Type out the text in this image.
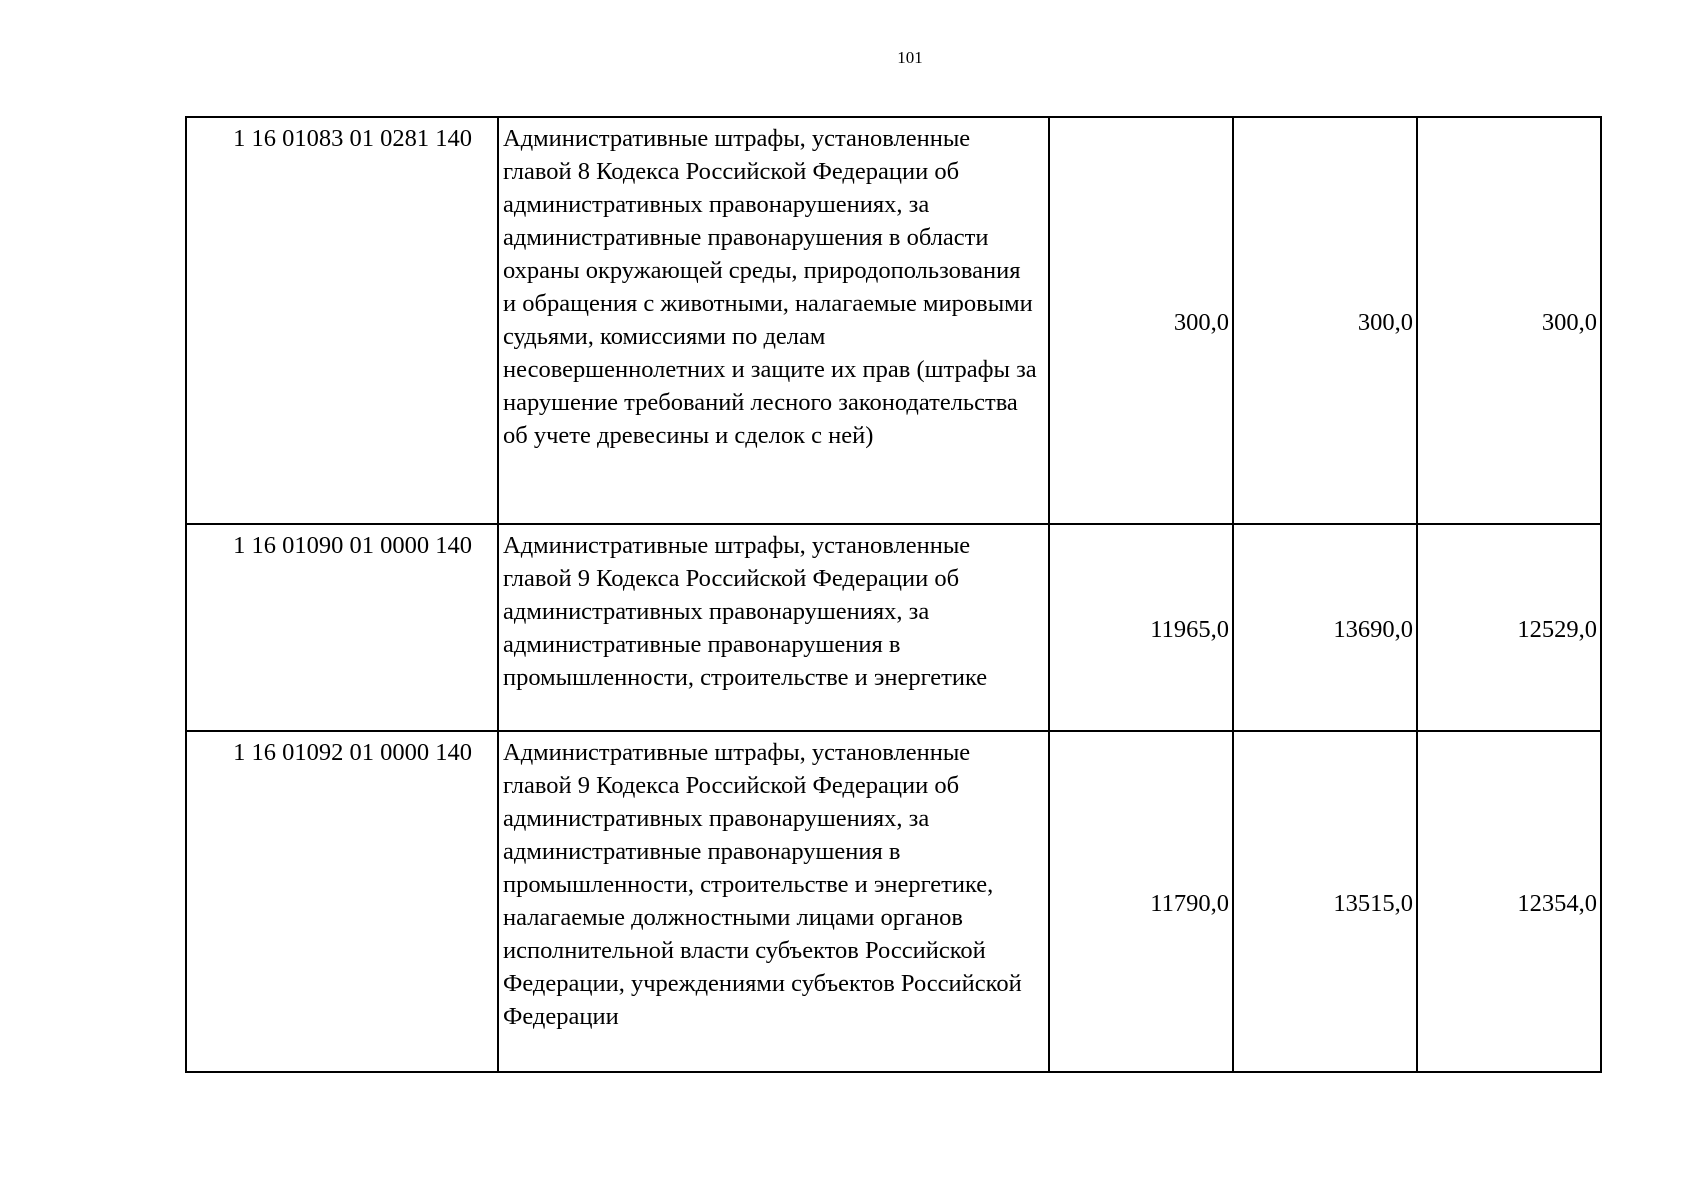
101
1 16 01083 01 0281 140	Административные штрафы, установленные главой 8 Кодекса Российской Федерации об административных правонарушениях, за административные правонарушения в области охраны окружающей среды, природопользования и обращения с животными, налагаемые мировыми судьями, комиссиями по делам несовершеннолетних и защите их прав (штрафы за нарушение требований лесного законодательства об учете древесины и сделок с ней)	300,0	300,0	300,0
1 16 01090 01 0000 140	Административные штрафы, установленные главой 9 Кодекса Российской Федерации об административных правонарушениях, за административные правонарушения в промышленности, строительстве и энергетике	11965,0	13690,0	12529,0
1 16 01092 01 0000 140	Административные штрафы, установленные главой 9 Кодекса Российской Федерации об административных правонарушениях, за административные правонарушения в промышленности, строительстве и энергетике, налагаемые должностными лицами органов исполнительной власти субъектов Российской Федерации, учреждениями субъектов Российской Федерации	11790,0	13515,0	12354,0
